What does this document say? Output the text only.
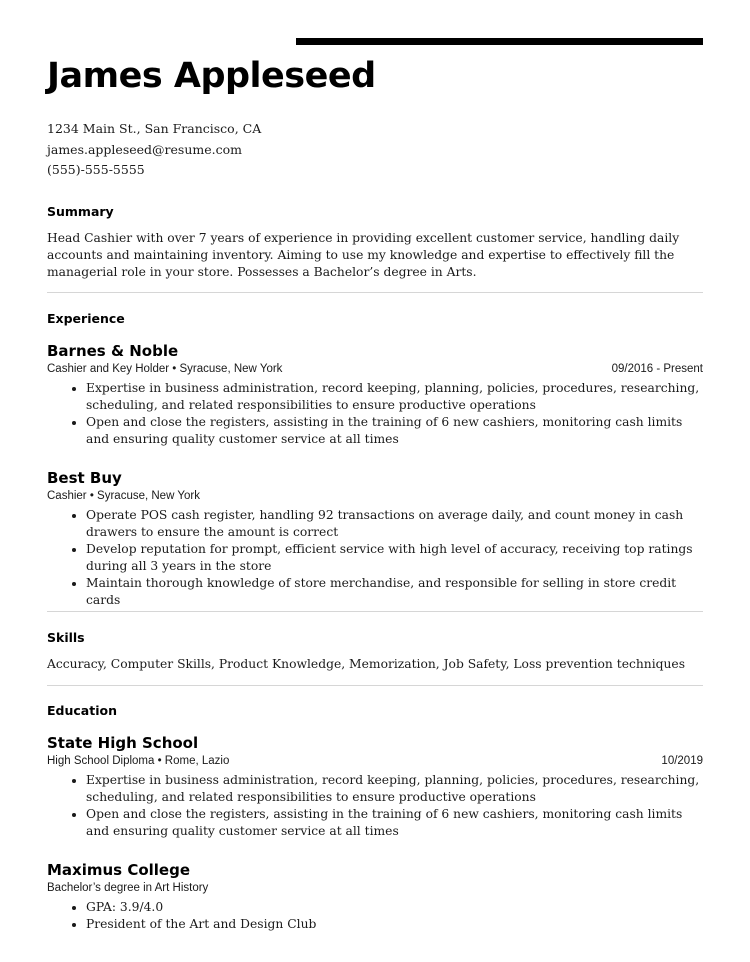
James Appleseed
1234 Main St., San Francisco, CA
james.appleseed@resume.com
(555)-555-5555
Summary

Head Cashier with over 7 years of experience in providing excellent customer service, handling daily accounts and maintaining inventory. Aiming to use my knowledge and expertise to effectively fill the managerial role in your store. Possesses a Bachelor’s degree in Arts.

Experience
Barnes & Noble
Cashier and Key Holder • Syracuse, New York	09/2016 - Present
• Expertise in business administration, record keeping, planning, policies, procedures, researching, scheduling, and related responsibilities to ensure productive operations
• Open and close the registers, assisting in the training of 6 new cashiers, monitoring cash limits and ensuring quality customer service at all times
Best Buy
Cashier • Syracuse, New York
• Operate POS cash register, handling 92 transactions on average daily, and count money in cash drawers to ensure the amount is correct
• Develop reputation for prompt, efficient service with high level of accuracy, receiving top ratings during all 3 years in the store
• Maintain thorough knowledge of store merchandise, and responsible for selling in store credit cards
Skills

Accuracy, Computer Skills, Product Knowledge, Memorization, Job Safety, Loss prevention techniques

Education
State High School
High School Diploma • Rome, Lazio	10/2019
• Expertise in business administration, record keeping, planning, policies, procedures, researching, scheduling, and related responsibilities to ensure productive operations
• Open and close the registers, assisting in the training of 6 new cashiers, monitoring cash limits and ensuring quality customer service at all times
Maximus College
Bachelor’s degree in Art History
• GPA: 3.9/4.0
• President of the Art and Design Club
